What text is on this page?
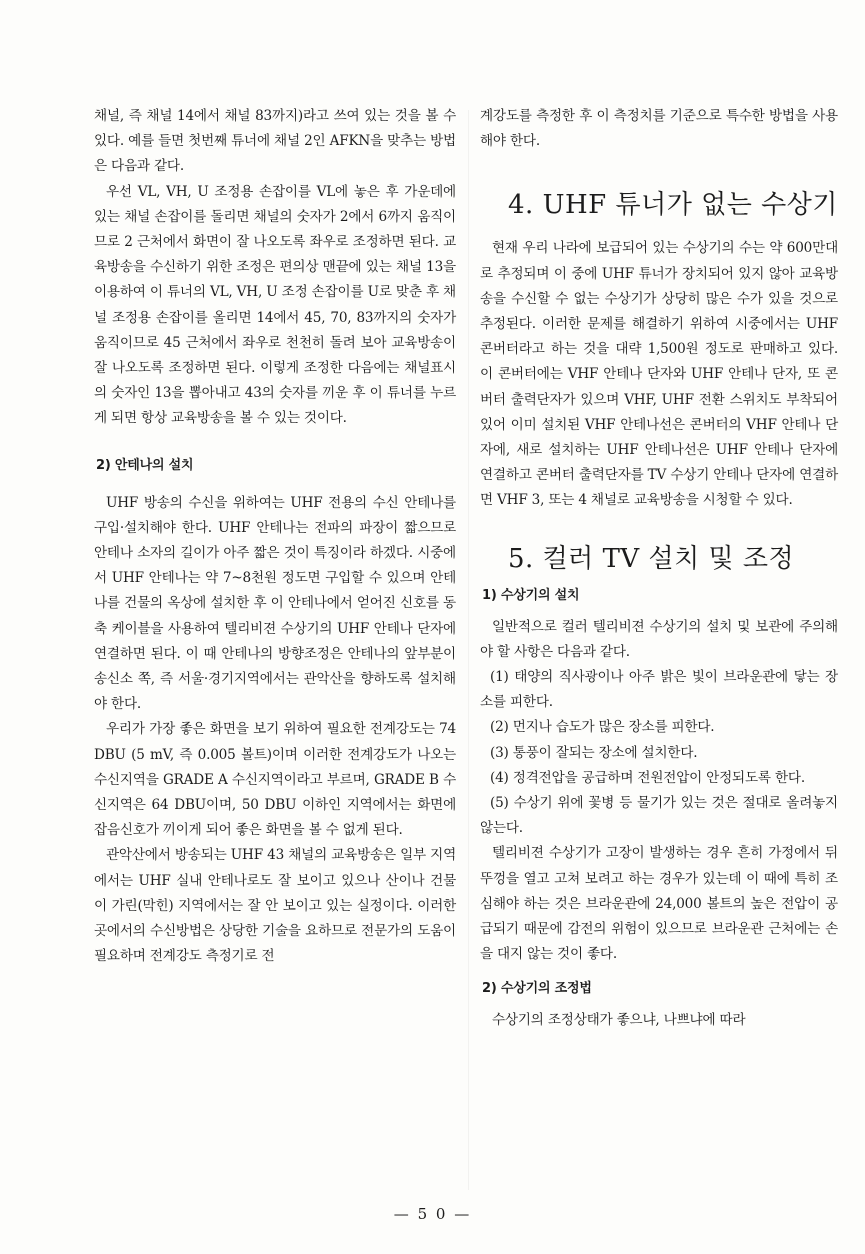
채널, 즉 채널 14에서 채널 83까지)라고 쓰여 있는 것을 볼 수 있다. 예를 들면 첫번째 튜너에 채널 2인 AFKN을 맞추는 방법은 다음과 같다.

우선 VL, VH, U 조정용 손잡이를 VL에 놓은 후 가운데에 있는 채널 손잡이를 돌리면 채널의 숫자가 2에서 6까지 움직이므로 2 근처에서 화면이 잘 나오도록 좌우로 조정하면 된다. 교육방송을 수신하기 위한 조정은 편의상 맨끝에 있는 채널 13을 이용하여 이 튜너의 VL, VH, U 조정 손잡이를 U로 맞춘 후 채널 조정용 손잡이를 올리면 14에서 45, 70, 83까지의 숫자가 움직이므로 45 근처에서 좌우로 천천히 돌려 보아 교육방송이 잘 나오도록 조정하면 된다. 이렇게 조정한 다음에는 채널표시의 숫자인 13을 뽑아내고 43의 숫자를 끼운 후 이 튜너를 누르게 되면 항상 교육방송을 볼 수 있는 것이다.

2) 안테나의 설치

UHF 방송의 수신을 위하여는 UHF 전용의 수신 안테나를 구입·설치해야 한다. UHF 안테나는 전파의 파장이 짧으므로 안테나 소자의 길이가 아주 짧은 것이 특징이라 하겠다. 시중에서 UHF 안테나는 약 7~8천원 정도면 구입할 수 있으며 안테나를 건물의 옥상에 설치한 후 이 안테나에서 얻어진 신호를 동축 케이블을 사용하여 텔리비젼 수상기의 UHF 안테나 단자에 연결하면 된다. 이 때 안테나의 방향조정은 안테나의 앞부분이 송신소 쪽, 즉 서울·경기지역에서는 관악산을 향하도록 설치해야 한다.

우리가 가장 좋은 화면을 보기 위하여 필요한 전계강도는 74 DBU (5 mV, 즉 0.005 볼트)이며 이러한 전계강도가 나오는 수신지역을 GRADE A 수신지역이라고 부르며, GRADE B 수신지역은 64 DBU이며, 50 DBU 이하인 지역에서는 화면에 잡음신호가 끼이게 되어 좋은 화면을 볼 수 없게 된다.

관악산에서 방송되는 UHF 43 채널의 교육방송은 일부 지역에서는 UHF 실내 안테나로도 잘 보이고 있으나 산이나 건물이 가린(막힌) 지역에서는 잘 안 보이고 있는 실정이다. 이러한 곳에서의 수신방법은 상당한 기술을 요하므로 전문가의 도움이 필요하며 전계강도 측정기로 전

계강도를 측정한 후 이 측정치를 기준으로 특수한 방법을 사용해야 한다.

4. UHF 튜너가 없는 수상기

현재 우리 나라에 보급되어 있는 수상기의 수는 약 600만대로 추정되며 이 중에 UHF 튜너가 장치되어 있지 않아 교육방송을 수신할 수 없는 수상기가 상당히 많은 수가 있을 것으로 추정된다. 이러한 문제를 해결하기 위하여 시중에서는 UHF 콘버터라고 하는 것을 대략 1,500원 정도로 판매하고 있다. 이 콘버터에는 VHF 안테나 단자와 UHF 안테나 단자, 또 콘버터 출력단자가 있으며 VHF, UHF 전환 스위치도 부착되어 있어 이미 설치된 VHF 안테나선은 콘버터의 VHF 안테나 단자에, 새로 설치하는 UHF 안테나선은 UHF 안테나 단자에 연결하고 콘버터 출력단자를 TV 수상기 안테나 단자에 연결하면 VHF 3, 또는 4 채널로 교육방송을 시청할 수 있다.

5. 컬러 TV 설치 및 조정
1) 수상기의 설치

일반적으로 컬러 텔리비젼 수상기의 설치 및 보관에 주의해야 할 사항은 다음과 같다.

(1) 태양의 직사광이나 아주 밝은 빛이 브라운관에 닿는 장소를 피한다.

(2) 먼지나 습도가 많은 장소를 피한다.

(3) 통풍이 잘되는 장소에 설치한다.

(4) 정격전압을 공급하며 전원전압이 안정되도록 한다.

(5) 수상기 위에 꽃병 등 물기가 있는 것은 절대로 올려놓지 않는다.

텔리비젼 수상기가 고장이 발생하는 경우 흔히 가정에서 뒤 뚜껑을 열고 고쳐 보려고 하는 경우가 있는데 이 때에 특히 조심해야 하는 것은 브라운관에 24,000 볼트의 높은 전압이 공급되기 때문에 감전의 위험이 있으므로 브라운관 근처에는 손을 대지 않는 것이 좋다.

2) 수상기의 조정법

수상기의 조정상태가 좋으냐, 나쁘냐에 따라

— 5 0 —
